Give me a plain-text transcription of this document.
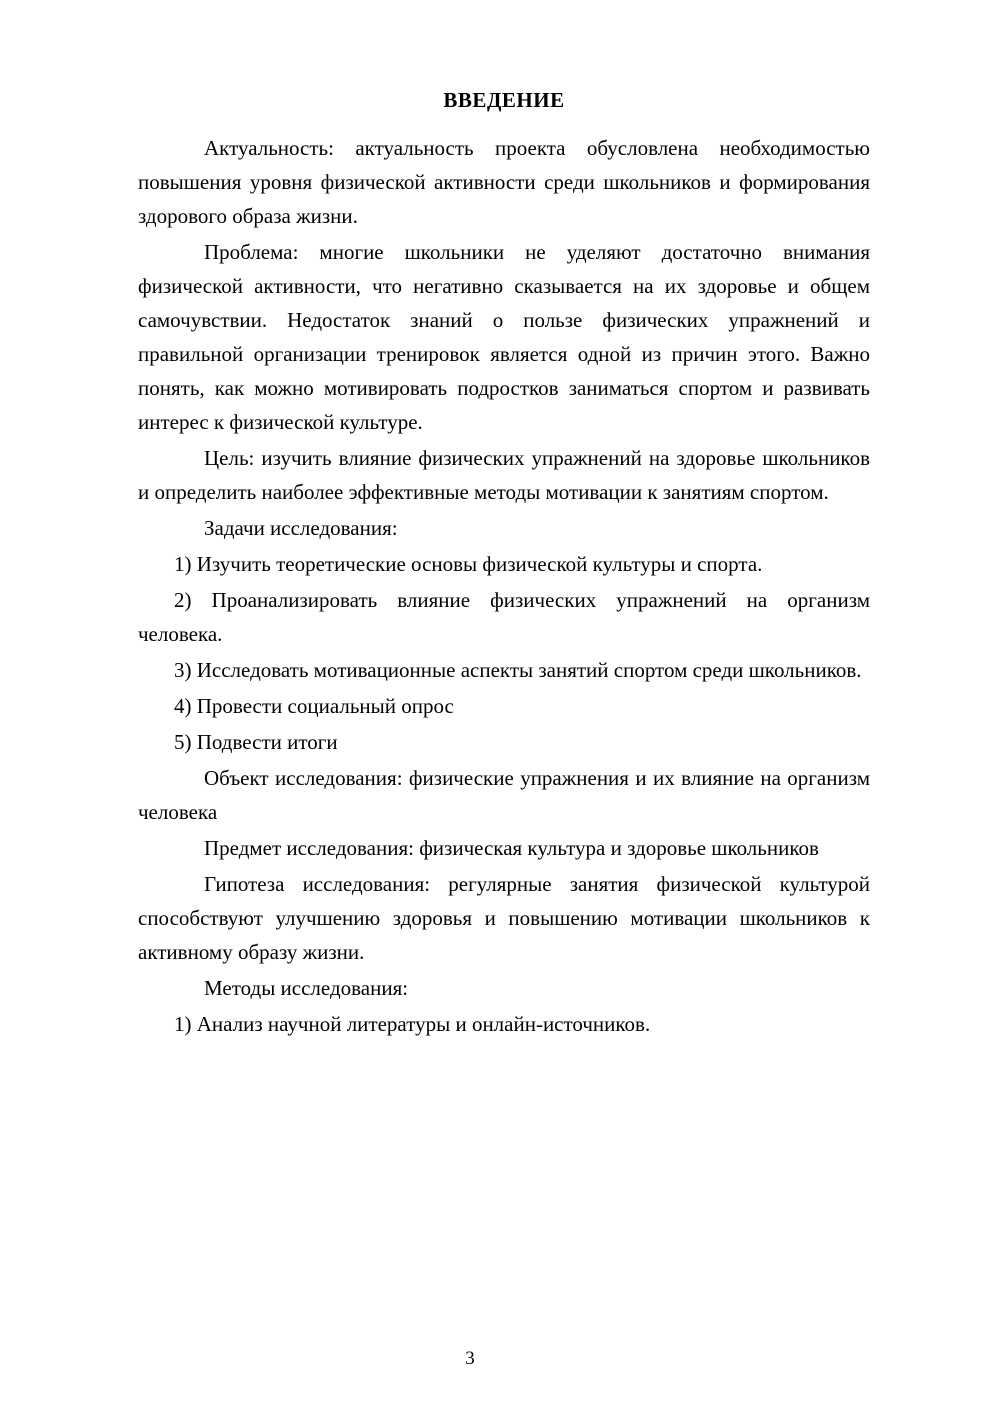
ВВЕДЕНИЕ

Актуальность: актуальность проекта обусловлена необходимостью повышения уровня физической активности среди школьников и формирования здорового образа жизни.

Проблема: многие школьники не уделяют достаточно внимания физической активности, что негативно сказывается на их здоровье и общем самочувствии. Недостаток знаний о пользе физических упражнений и правильной организации тренировок является одной из причин этого. Важно понять, как можно мотивировать подростков заниматься спортом и развивать интерес к физической культуре.

Цель: изучить влияние физических упражнений на здоровье школьников и определить наиболее эффективные методы мотивации к занятиям спортом.

Задачи исследования:

1) Изучить теоретические основы физической культуры и спорта.

2) Проанализировать влияние физических упражнений на организм человека.

3) Исследовать мотивационные аспекты занятий спортом среди школьников.

4) Провести социальный опрос

5) Подвести итоги

Объект исследования: физические упражнения и их влияние на организм человека

Предмет исследования: физическая культура и здоровье школьников

Гипотеза исследования: регулярные занятия физической культурой способствуют улучшению здоровья и повышению мотивации школьников к активному образу жизни.

Методы исследования:

1) Анализ научной литературы и онлайн-источников.

3
